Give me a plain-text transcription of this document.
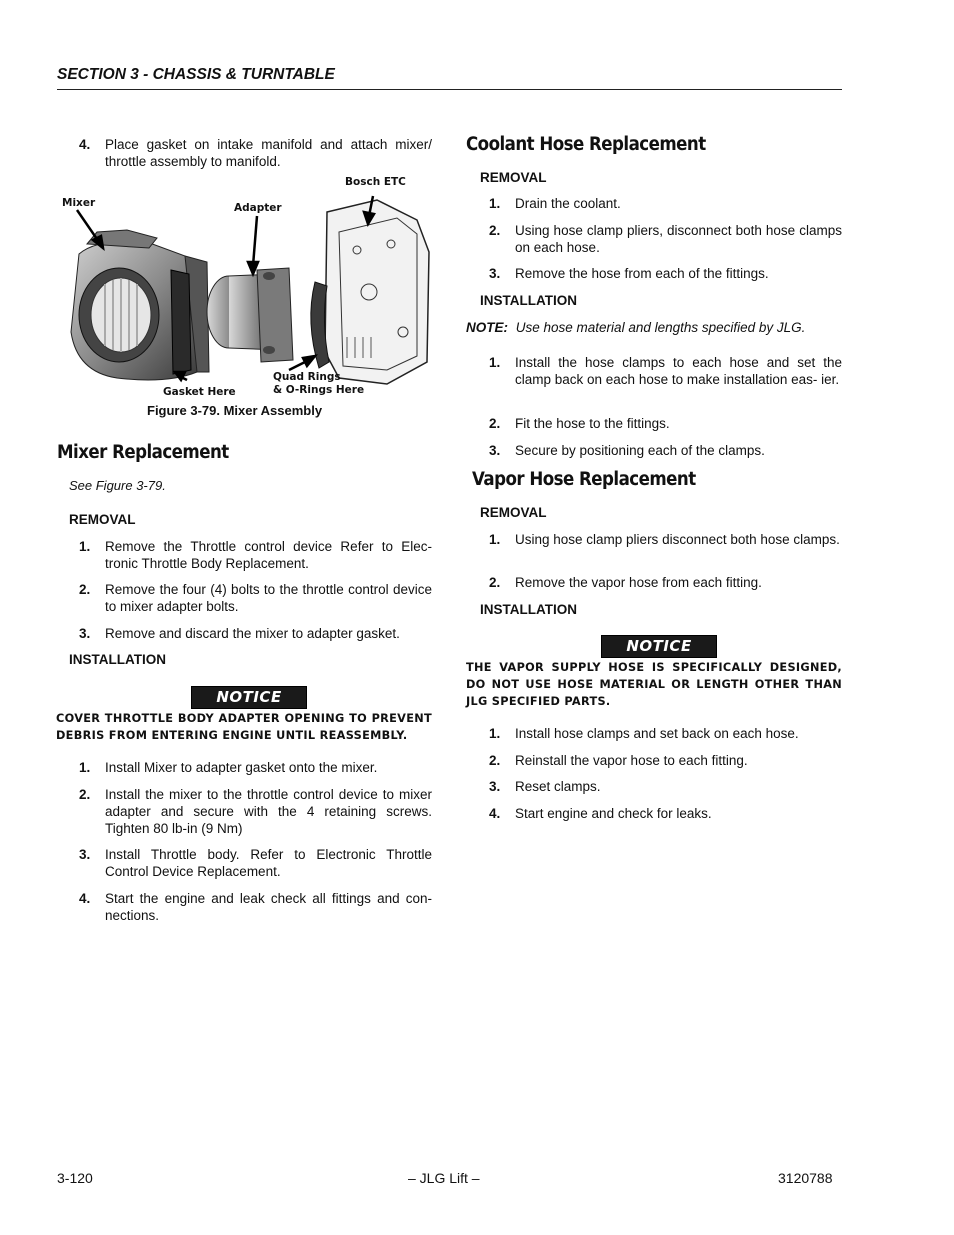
SECTION 3 - CHASSIS & TURNTABLE
4. Place gasket on intake manifold and attach mixer/ throttle assembly to manifold.
Mixer	Adapter
Bosch ETC
Gasket Here
Quad Rings
& O-Rings Here
Figure 3-79. Mixer Assembly
Mixer Replacement
See Figure 3-79.
REMOVAL
1. Remove the Throttle control device Refer to Elec- tronic Throttle Body Replacement.
2. Remove the four (4) bolts to the throttle control device to mixer adapter bolts.
3. Remove and discard the mixer to adapter gasket.
INSTALLATION
NOTICE
COVER THROTTLE BODY ADAPTER OPENING TO PREVENT DEBRIS FROM ENTERING ENGINE UNTIL REASSEMBLY.
1. Install Mixer to adapter gasket onto the mixer.
2. Install the mixer to the throttle control device to mixer adapter and secure with the 4 retaining screws. Tighten 80 lb-in (9 Nm)
3. Install Throttle body. Refer to Electronic Throttle Control Device Replacement.
4. Start the engine and leak check all fittings and con- nections.
Coolant Hose Replacement
REMOVAL
1. Drain the coolant.
2. Using hose clamp pliers, disconnect both hose clamps on each hose.
3. Remove the hose from each of the fittings.
INSTALLATION
NOTE: Use hose material and lengths specified by JLG.
1. Install the hose clamps to each hose and set the clamp back on each hose to make installation eas- ier.
2. Fit the hose to the fittings.
3. Secure by positioning each of the clamps.
Vapor Hose Replacement
REMOVAL
1. Using hose clamp pliers disconnect both hose clamps.
2. Remove the vapor hose from each fitting.
INSTALLATION
NOTICE
THE VAPOR SUPPLY HOSE IS SPECIFICALLY DESIGNED, DO NOT USE HOSE MATERIAL OR LENGTH OTHER THAN JLG SPECIFIED PARTS.
1. Install hose clamps and set back on each hose.
2. Reinstall the vapor hose to each fitting.
3. Reset clamps.
4. Start engine and check for leaks.
3-120	– JLG Lift –	3120788
